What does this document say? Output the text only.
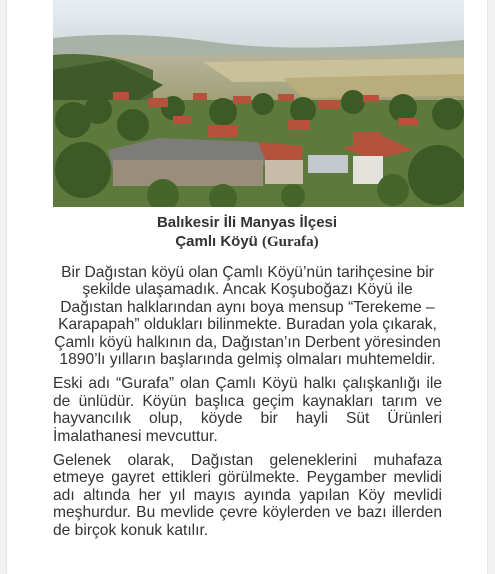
Balıkesir İli Manyas İlçesi
Çamlı Köyü (Gurafa)

Bir Dağıstan köyü olan Çamlı Köyü’nün tarihçesine bir şekilde ulaşamadık. Ancak Koşuboğazı Köyü ile Dağıstan halklarından aynı boya mensup “Terekeme – Karapapah” oldukları bilinmekte. Buradan yola çıkarak, Çamlı köyü halkının da, Dağıstan’ın Derbent yöresinden 1890’lı yılların başlarında gelmiş olmaları muhtemeldir.

Eski adı “Gurafa” olan Çamlı Köyü halkı çalışkanlığı ile de ünlüdür. Köyün başlıca geçim kaynakları tarım ve hayvancılık olup, köyde bir hayli Süt Ürünleri İmalathanesi mevcuttur.

Gelenek olarak, Dağıstan geleneklerini muhafaza etmeye gayret ettikleri görülmekte. Peygamber mevlidi adı altında her yıl mayıs ayında yapılan Köy mevlidi meşhurdur. Bu mevlide çevre köylerden ve bazı illerden de birçok konuk katılır.
